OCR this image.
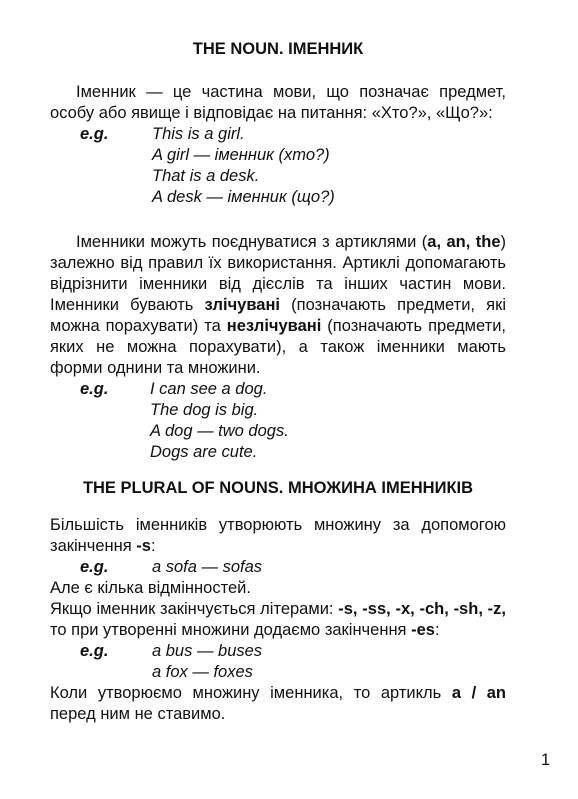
THE NOUN. ІМЕННИК

Іменник — це частина мови, що позначає предмет, особу або явище і відповідає на питання: «Хто?», «Що?»:

e.g.	This is a girl.
A girl — іменник (хто?)
That is a desk.
A desk — іменник (що?)

Іменники можуть поєднуватися з артиклями (a, an, the) залежно від правил їх використання. Артиклі допомагають відрізнити іменники від дієслів та інших частин мови. Іменники бувають злічувані (позначають предмети, які можна порахувати) та незлічувані (позначають предмети, яких не можна порахувати), а також іменники мають форми однини та множини.

e.g.	I can see a dog.
The dog is big.
A dog — two dogs.
Dogs are cute.
THE PLURAL OF NOUNS. МНОЖИНА ІМЕННИКІВ

Більшість іменників утворюють множину за допомогою закінчення -s:

e.g.	a sofa — sofas

Але є кілька відмінностей.

Якщо іменник закінчується літерами: -s, -ss, -x, -ch, -sh, -z, то при утворенні множини додаємо закінчення -es:

e.g.	a bus — buses
a fox — foxes

Коли утворюємо множину іменника, то артикль a / an перед ним не ставимо.

1
